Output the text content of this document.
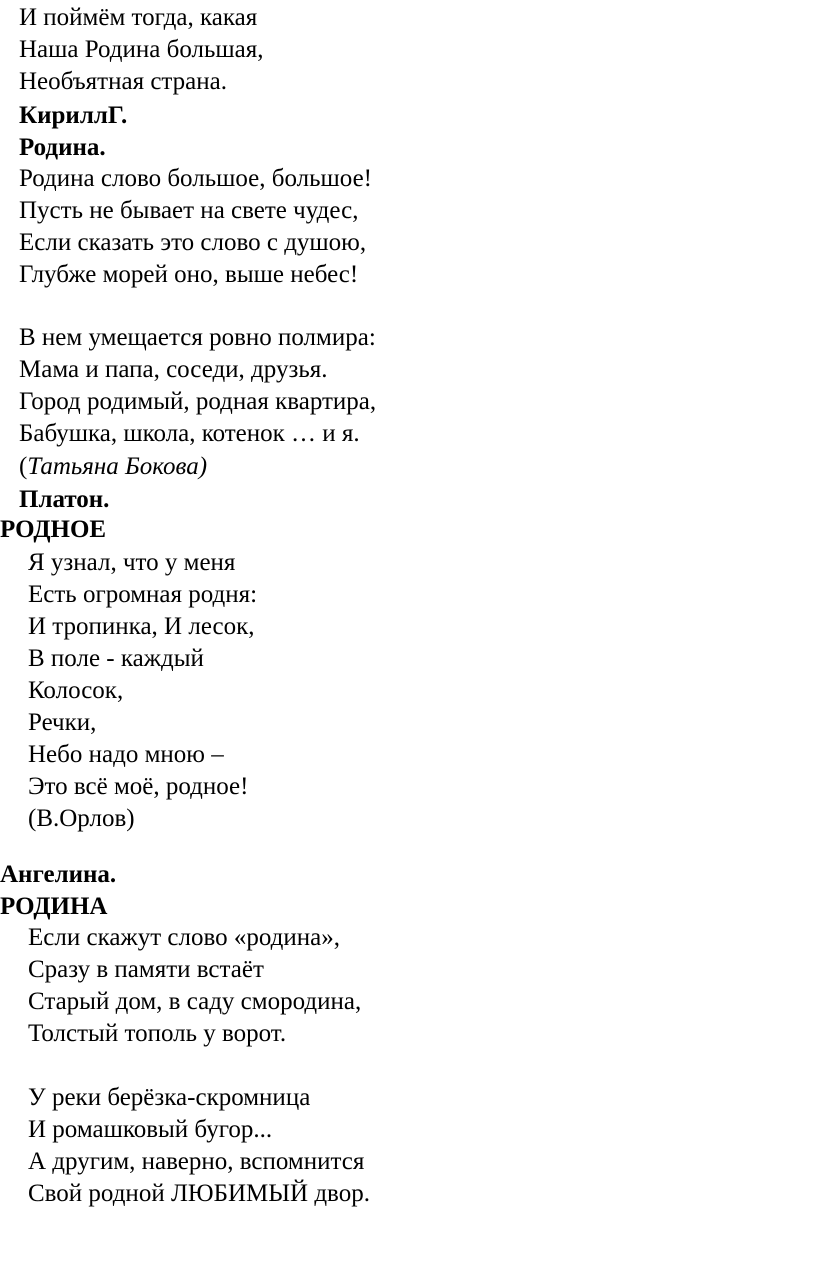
И поймём тогда, какая
Наша Родина большая,
Необъятная страна.
КириллГ.
Родина.
Родина слово большое, большое!
Пусть не бывает на свете чудес,
Если сказать это слово с душою,
Глубже морей оно, выше небес!
В нем умещается ровно полмира:
Мама и папа, соседи, друзья.
Город родимый, родная квартира,
Бабушка, школа, котенок … и я.
(Татьяна Бокова)
Платон.
РОДНОЕ
Я узнал, что у меня
Есть огромная родня:
И тропинка, И лесок,
В поле - каждый
Колосок,
Речки,
Небо надо мною –
Это всё моё, родное!
(В.Орлов)
Ангелина.
РОДИНА
Если скажут слово «родина»,
Сразу в памяти встаёт
Старый дом, в саду смородина,
Толстый тополь у ворот.
У реки берёзка-скромница
И ромашковый бугор...
А другим, наверно, вспомнится
Свой родной ЛЮБИМЫЙ двор.
